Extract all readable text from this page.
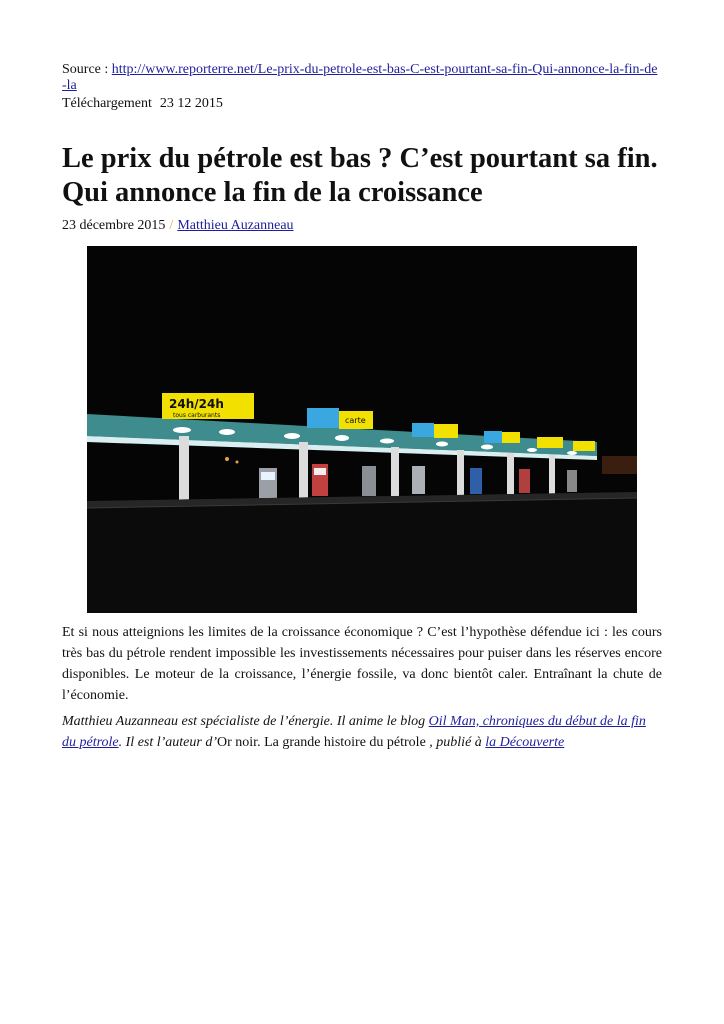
Source : http://www.reporterre.net/Le-prix-du-petrole-est-bas-C-est-pourtant-sa-fin-Qui-annonce-la-fin-de-la
Téléchargement 23 12 2015
Le prix du pétrole est bas ? C’est pourtant sa fin. Qui annonce la fin de la croissance
23 décembre 2015 / Matthieu Auzanneau
24h/24h
tous carburants
carte

Et si nous atteignions les limites de la croissance économique ? C’est l’hypothèse défendue ici : les cours très bas du pétrole rendent impossible les investissements nécessaires pour puiser dans les réserves encore disponibles. Le moteur de la croissance, l’énergie fossile, va donc bientôt caler. Entraînant la chute de l’économie.

Matthieu Auzanneau est spécialiste de l’énergie. Il anime le blog Oil Man, chroniques du début de la fin du pétrole. Il est l’auteur d’Or noir. La grande histoire du pétrole , publié à la Découverte
